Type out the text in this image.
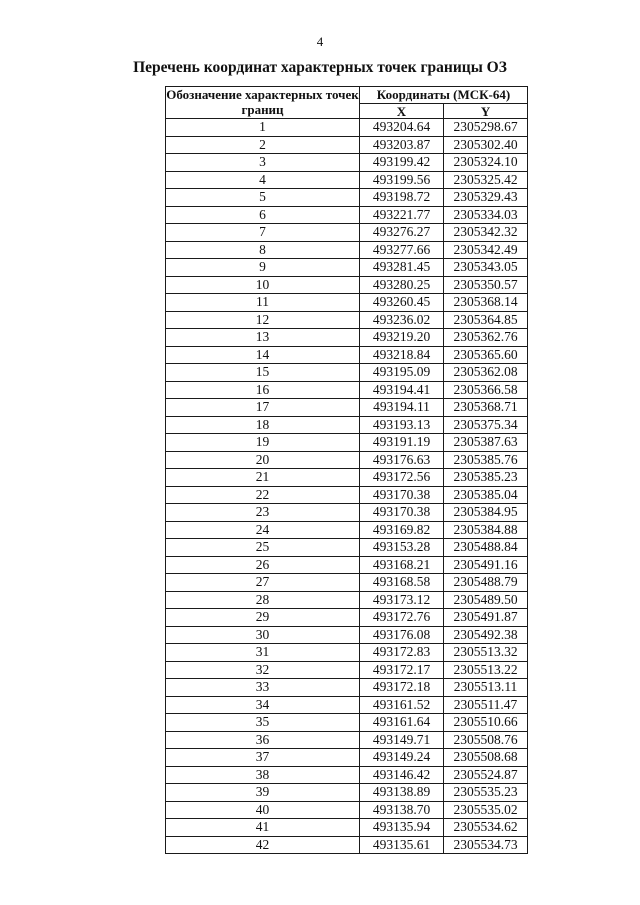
4
Перечень координат характерных точек границы ОЗ
Обозначение характерных точек границ	Координаты (МСК-64)	
	X	Y
1	493204.64	2305298.67
2	493203.87	2305302.40
3	493199.42	2305324.10
4	493199.56	2305325.42
5	493198.72	2305329.43
6	493221.77	2305334.03
7	493276.27	2305342.32
8	493277.66	2305342.49
9	493281.45	2305343.05
10	493280.25	2305350.57
11	493260.45	2305368.14
12	493236.02	2305364.85
13	493219.20	2305362.76
14	493218.84	2305365.60
15	493195.09	2305362.08
16	493194.41	2305366.58
17	493194.11	2305368.71
18	493193.13	2305375.34
19	493191.19	2305387.63
20	493176.63	2305385.76
21	493172.56	2305385.23
22	493170.38	2305385.04
23	493170.38	2305384.95
24	493169.82	2305384.88
25	493153.28	2305488.84
26	493168.21	2305491.16
27	493168.58	2305488.79
28	493173.12	2305489.50
29	493172.76	2305491.87
30	493176.08	2305492.38
31	493172.83	2305513.32
32	493172.17	2305513.22
33	493172.18	2305513.11
34	493161.52	2305511.47
35	493161.64	2305510.66
36	493149.71	2305508.76
37	493149.24	2305508.68
38	493146.42	2305524.87
39	493138.89	2305535.23
40	493138.70	2305535.02
41	493135.94	2305534.62
42	493135.61	2305534.73
